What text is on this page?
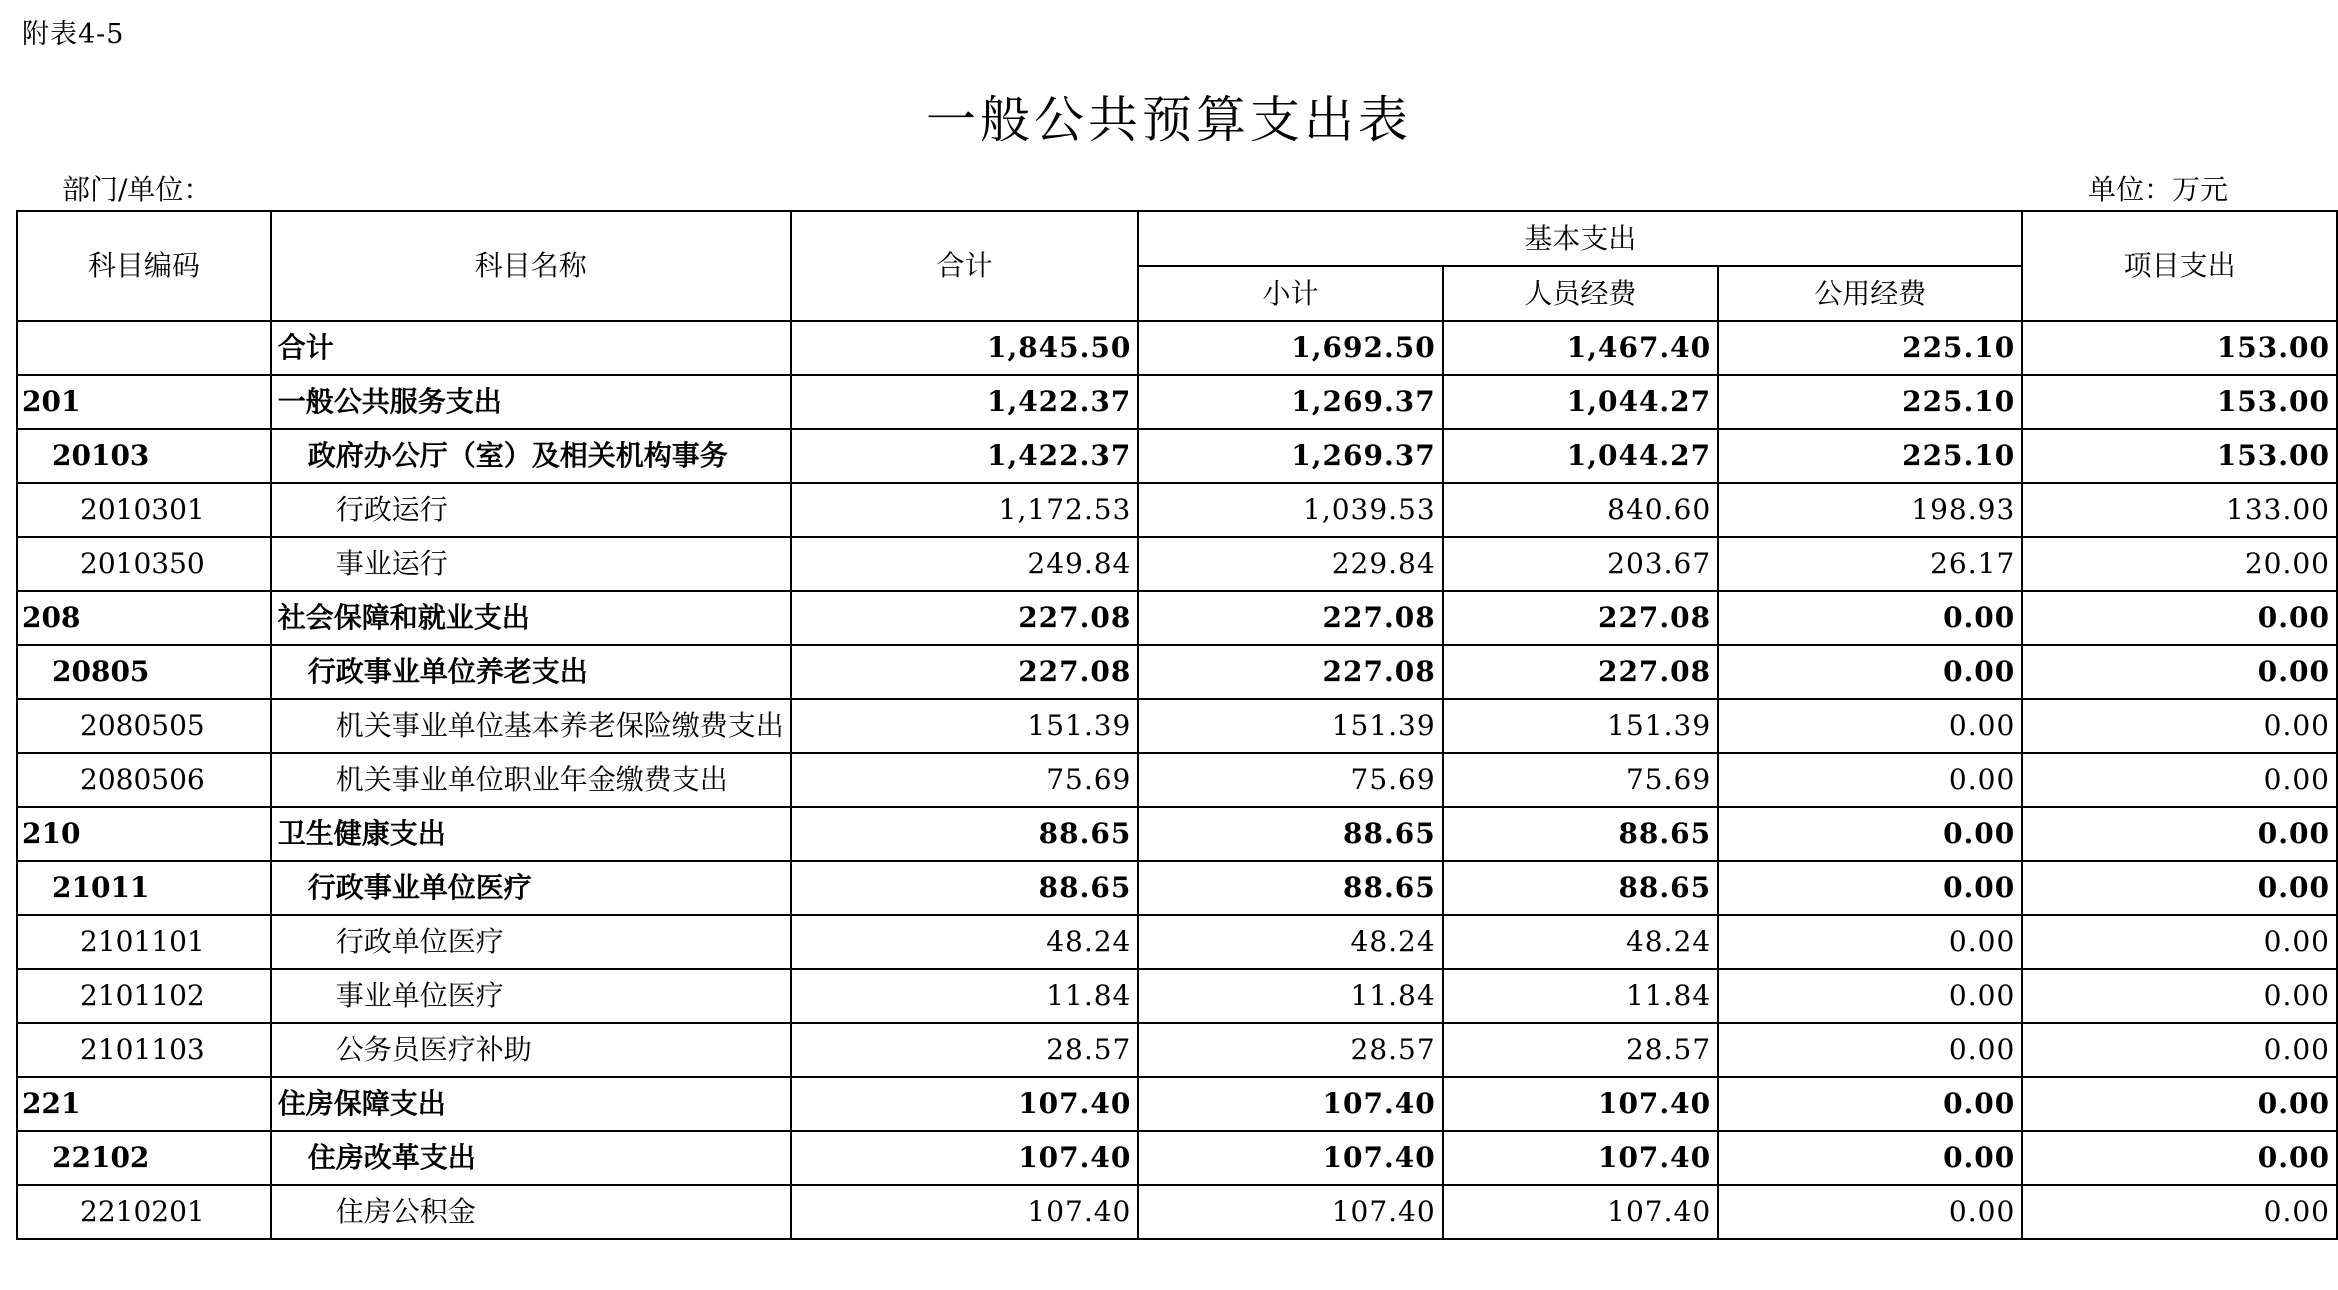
附表4-5
一般公共预算支出表
部门/单位：	单位：万元
科目编码	科目名称	合计	基本支出			项目支出
			小计	人员经费	公用经费	
	合计	1,845.50	1,692.50	1,467.40	225.10	153.00
201	一般公共服务支出	1,422.37	1,269.37	1,044.27	225.10	153.00
20103	政府办公厅（室）及相关机构事务	1,422.37	1,269.37	1,044.27	225.10	153.00
2010301	行政运行	1,172.53	1,039.53	840.60	198.93	133.00
2010350	事业运行	249.84	229.84	203.67	26.17	20.00
208	社会保障和就业支出	227.08	227.08	227.08	0.00	0.00
20805	行政事业单位养老支出	227.08	227.08	227.08	0.00	0.00
2080505	机关事业单位基本养老保险缴费支出	151.39	151.39	151.39	0.00	0.00
2080506	机关事业单位职业年金缴费支出	75.69	75.69	75.69	0.00	0.00
210	卫生健康支出	88.65	88.65	88.65	0.00	0.00
21011	行政事业单位医疗	88.65	88.65	88.65	0.00	0.00
2101101	行政单位医疗	48.24	48.24	48.24	0.00	0.00
2101102	事业单位医疗	11.84	11.84	11.84	0.00	0.00
2101103	公务员医疗补助	28.57	28.57	28.57	0.00	0.00
221	住房保障支出	107.40	107.40	107.40	0.00	0.00
22102	住房改革支出	107.40	107.40	107.40	0.00	0.00
2210201	住房公积金	107.40	107.40	107.40	0.00	0.00
